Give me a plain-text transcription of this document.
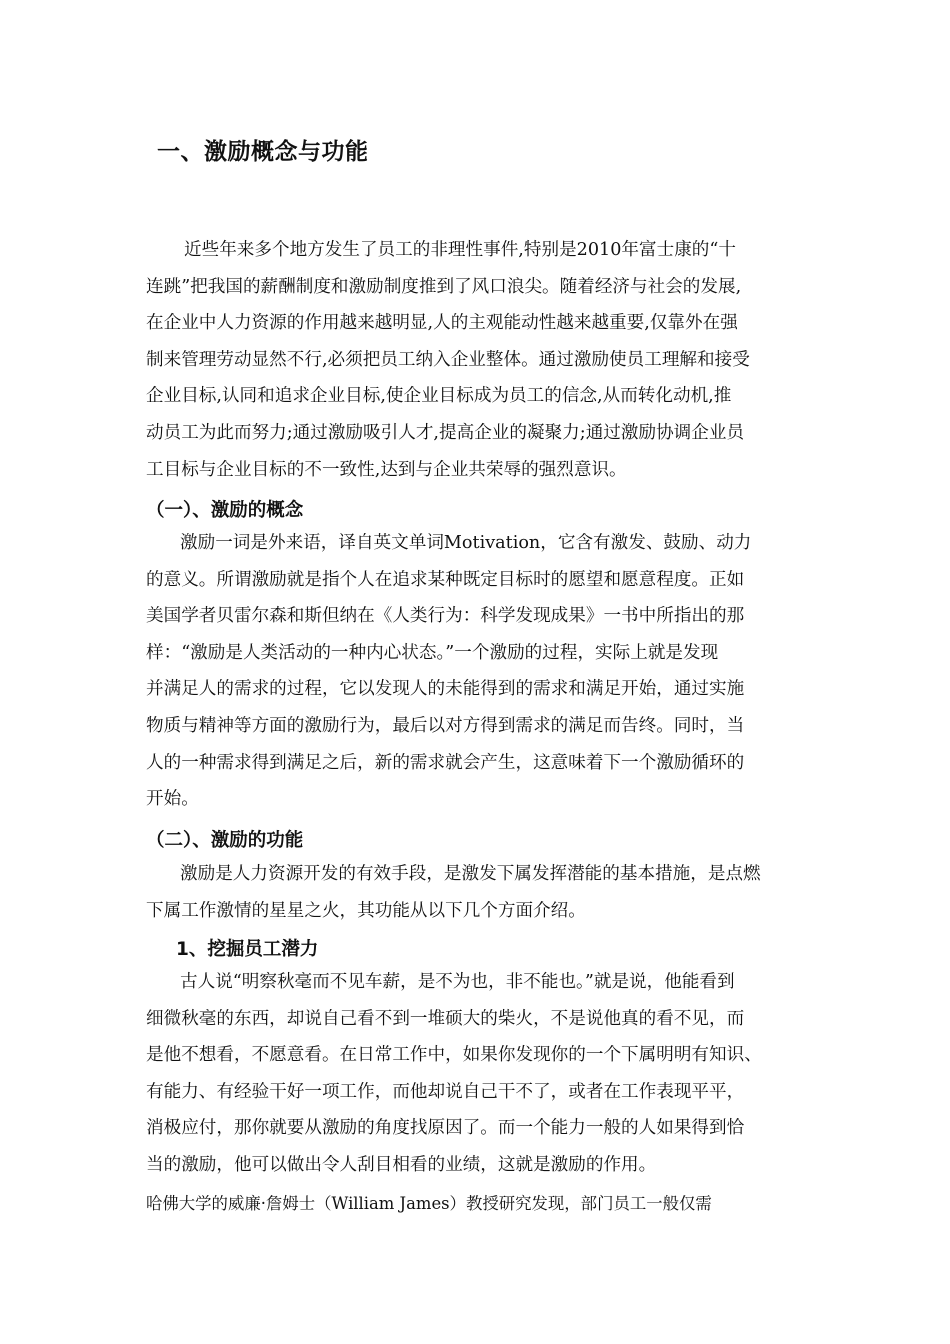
一、激励概念与功能
近些年来多个地方发生了员工的非理性事件,特别是2010年富士康的“十
连跳”把我国的薪酬制度和激励制度推到了风口浪尖。随着经济与社会的发展,
在企业中人力资源的作用越来越明显,人的主观能动性越来越重要,仅靠外在强
制来管理劳动显然不行,必须把员工纳入企业整体。通过激励使员工理解和接受
企业目标,认同和追求企业目标,使企业目标成为员工的信念,从而转化动机,推
动员工为此而努力;通过激励吸引人才,提高企业的凝聚力;通过激励协调企业员
工目标与企业目标的不一致性,达到与企业共荣辱的强烈意识。
（一）、激励的概念
激励一词是外来语，译自英文单词Motivation，它含有激发、鼓励、动力
的意义。所谓激励就是指个人在追求某种既定目标时的愿望和愿意程度。正如
美国学者贝雷尔森和斯但纳在《人类行为：科学发现成果》一书中所指出的那
样：“激励是人类活动的一种内心状态。”一个激励的过程，实际上就是发现
并满足人的需求的过程，它以发现人的未能得到的需求和满足开始，通过实施
物质与精神等方面的激励行为，最后以对方得到需求的满足而告终。同时，当
人的一种需求得到满足之后，新的需求就会产生，这意味着下一个激励循环的
开始。
（二）、激励的功能
激励是人力资源开发的有效手段，是激发下属发挥潜能的基本措施，是点燃
下属工作激情的星星之火，其功能从以下几个方面介绍。
1、挖掘员工潜力
古人说“明察秋毫而不见车薪，是不为也，非不能也。”就是说，他能看到
细微秋毫的东西，却说自己看不到一堆硕大的柴火，不是说他真的看不见，而
是他不想看，不愿意看。在日常工作中，如果你发现你的一个下属明明有知识、
有能力、有经验干好一项工作，而他却说自己干不了，或者在工作表现平平，
消极应付，那你就要从激励的角度找原因了。而一个能力一般的人如果得到恰
当的激励，他可以做出令人刮目相看的业绩，这就是激励的作用。
哈佛大学的威廉·詹姆士（William James）教授研究发现，部门员工一般仅需
